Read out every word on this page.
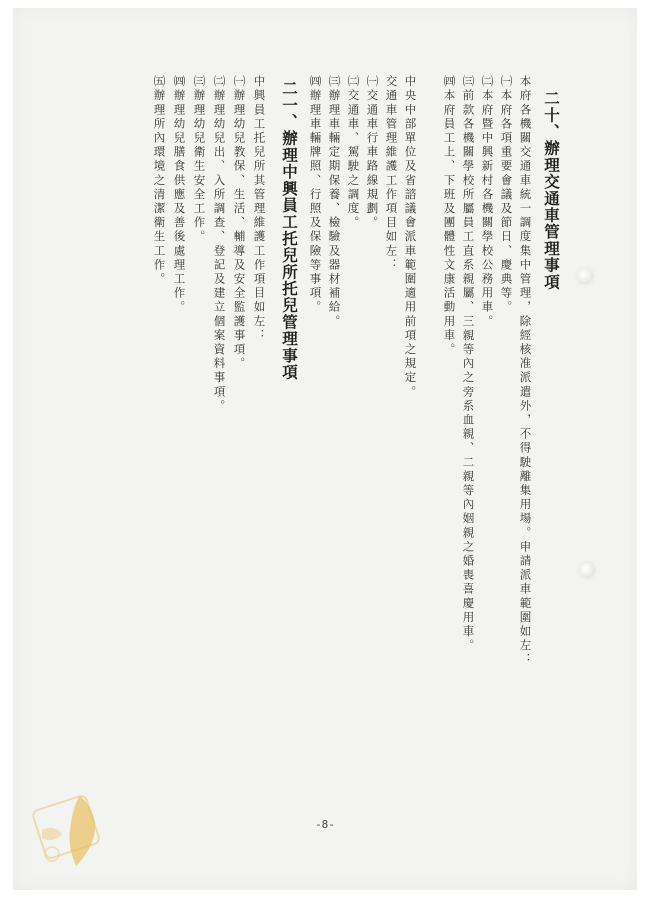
二十、辦理交通車管理事項
本府各機關交通車統一調度集中管理，除經核准派遣外，不得駛離集用場。申請派車範圍如左：
㈠本府各項重要會議及節日、慶典等。
㈡本府暨中興新村各機關學校公務用車。
㈢前款各機關學校所屬員工直系親屬、三親等內之旁系血親、二親等內姻親之婚喪喜慶用車。
㈣本府員工上、下班及團體性文康活動用車。
中央中部單位及省諮議會派車範圍適用前項之規定。
交通車管理維護工作項目如左：
㈠交通車行車路線規劃。
㈡交通車、駕駛之調度。
㈢辦理車輛定期保養、檢驗及器材補給。
㈣辦理車輛牌照、行照及保險等事項。
二一、辦理中興員工托兒所托兒管理事項
中興員工托兒所其管理維護工作項目如左：
㈠辦理幼兒教保、生活、輔導及安全監護事項。
㈡辦理幼兒出、入所調查、登記及建立個案資料事項。
㈢辦理幼兒衛生安全工作。
㈣辦理幼兒膳食供應及善後處理工作。
㈤辦理所內環境之清潔衛生工作。
-8-
